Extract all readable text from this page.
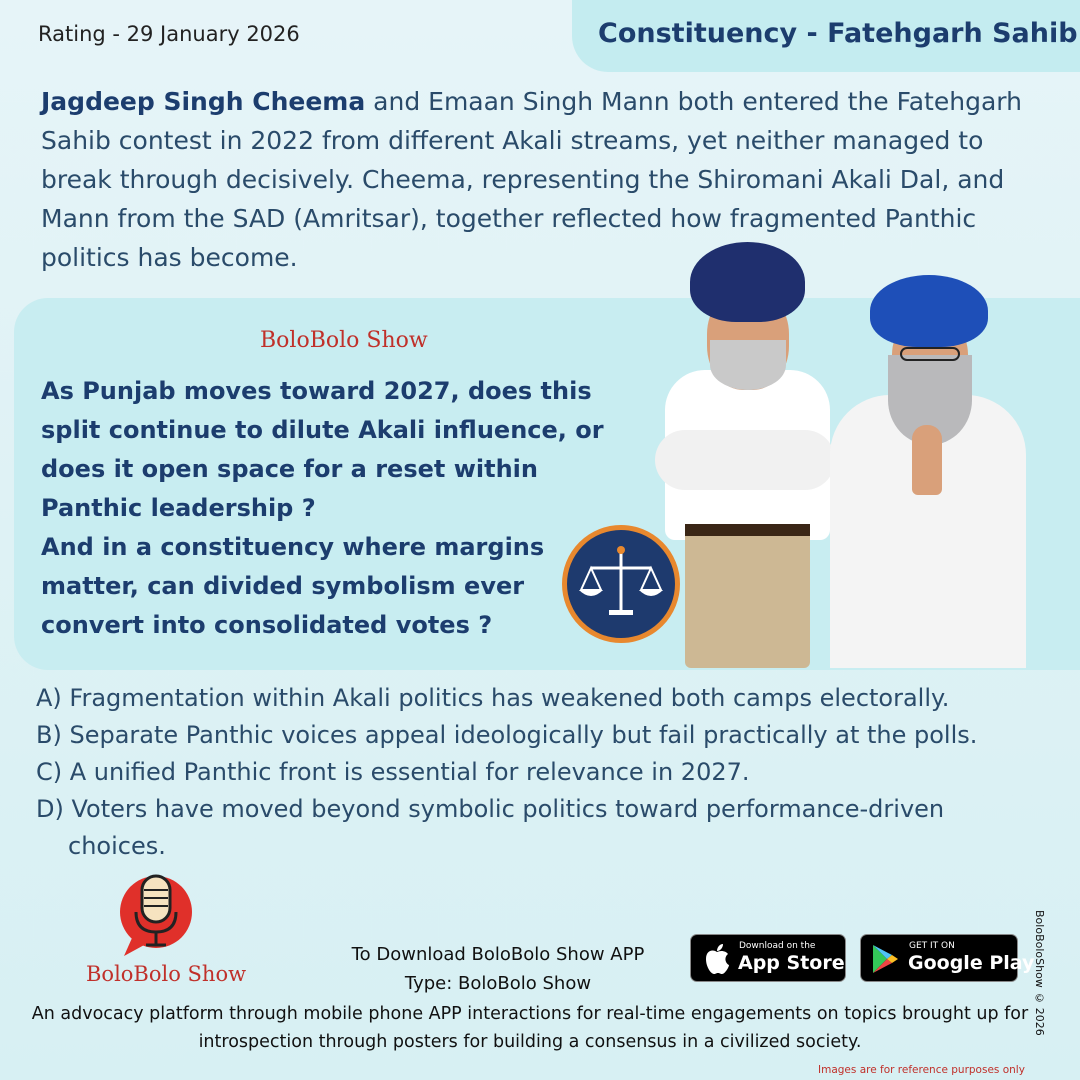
Rating - 29 January 2026	Constituency - Fatehgarh Sahib
Jagdeep Singh Cheema and Emaan Singh Mann both entered the Fatehgarh Sahib contest in 2022 from different Akali streams, yet neither managed to break through decisively. Cheema, representing the Shiromani Akali Dal, and Mann from the SAD (Amritsar), together reflected how fragmented Panthic politics has become.
BoloBolo Show
As Punjab moves toward 2027, does this split continue to dilute Akali influence, or does it open space for a reset within Panthic leadership ?
And in a constituency where margins matter, can divided symbolism ever convert into consolidated votes ?
A) Fragmentation within Akali politics has weakened both camps electorally.
B) Separate Panthic voices appeal ideologically but fail practically at the polls.
C) A unified Panthic front is essential for relevance in 2027.
D) Voters have moved beyond symbolic politics toward performance-driven
choices.
BoloBolo Show
To Download BoloBolo Show APP
Type: BoloBolo Show
Download on the
App Store
GET IT ON
Google Play
An advocacy platform through mobile phone APP interactions for real-time engagements on topics brought up for introspection through posters for building a consensus in a civilized society.
BoloBoloShow © 2026
Images are for reference purposes only
